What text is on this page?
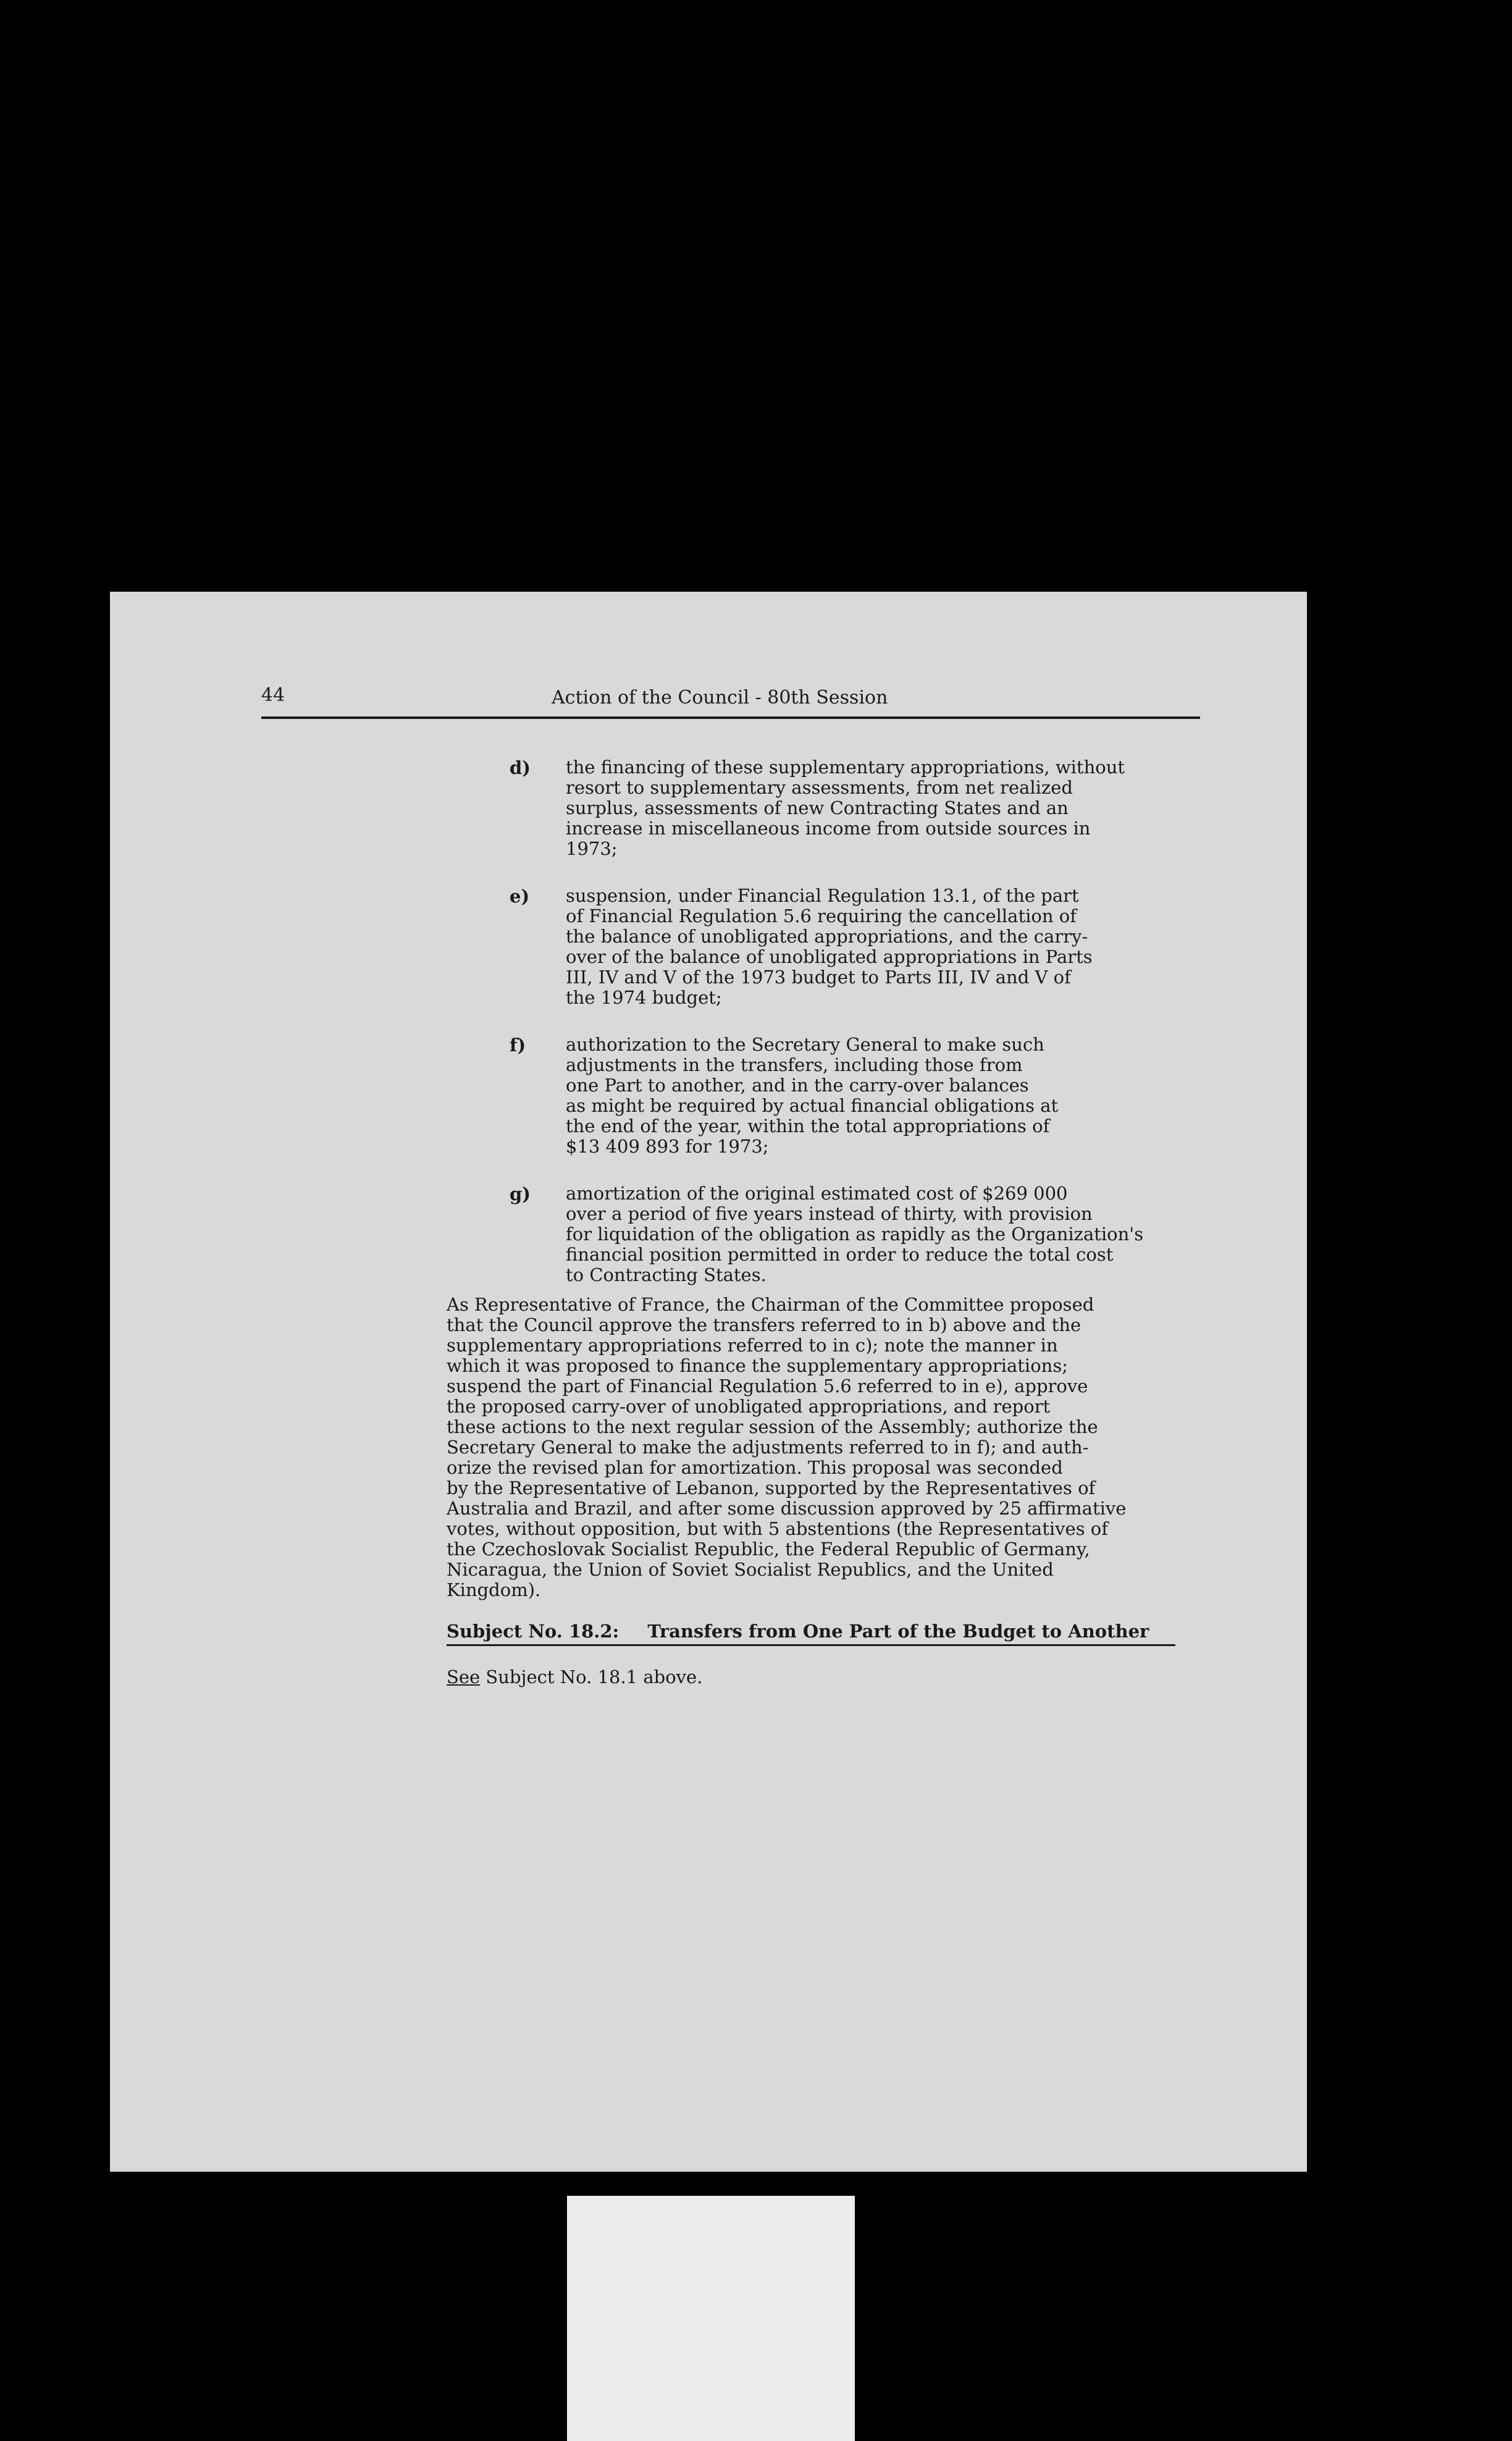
44	Action of the Council - 80th Session
d) the financing of these supplementary appropriations, without
resort to supplementary assessments, from net realized
surplus, assessments of new Contracting States and an
increase in miscellaneous income from outside sources in
1973;
e) suspension, under Financial Regulation 13.1, of the part
of Financial Regulation 5.6 requiring the cancellation of
the balance of unobligated appropriations, and the carry-
over of the balance of unobligated appropriations in Parts
III, IV and V of the 1973 budget to Parts III, IV and V of
the 1974 budget;
f) authorization to the Secretary General to make such
adjustments in the transfers, including those from
one Part to another, and in the carry-over balances
as might be required by actual financial obligations at
the end of the year, within the total appropriations of
$13 409 893 for 1973;
g) amortization of the original estimated cost of $269 000
over a period of five years instead of thirty, with provision
for liquidation of the obligation as rapidly as the Organization's
financial position permitted in order to reduce the total cost
to Contracting States.
As Representative of France, the Chairman of the Committee proposed
that the Council approve the transfers referred to in b) above and the
supplementary appropriations referred to in c); note the manner in
which it was proposed to finance the supplementary appropriations;
suspend the part of Financial Regulation 5.6 referred to in e), approve
the proposed carry-over of unobligated appropriations, and report
these actions to the next regular session of the Assembly; authorize the
Secretary General to make the adjustments referred to in f); and auth-
orize the revised plan for amortization. This proposal was seconded
by the Representative of Lebanon, supported by the Representatives of
Australia and Brazil, and after some discussion approved by 25 affirmative
votes, without opposition, but with 5 abstentions (the Representatives of
the Czechoslovak Socialist Republic, the Federal Republic of Germany,
Nicaragua, the Union of Soviet Socialist Republics, and the United
Kingdom).
Subject No. 18.2: Transfers from One Part of the Budget to Another
See Subject No. 18.1 above.
